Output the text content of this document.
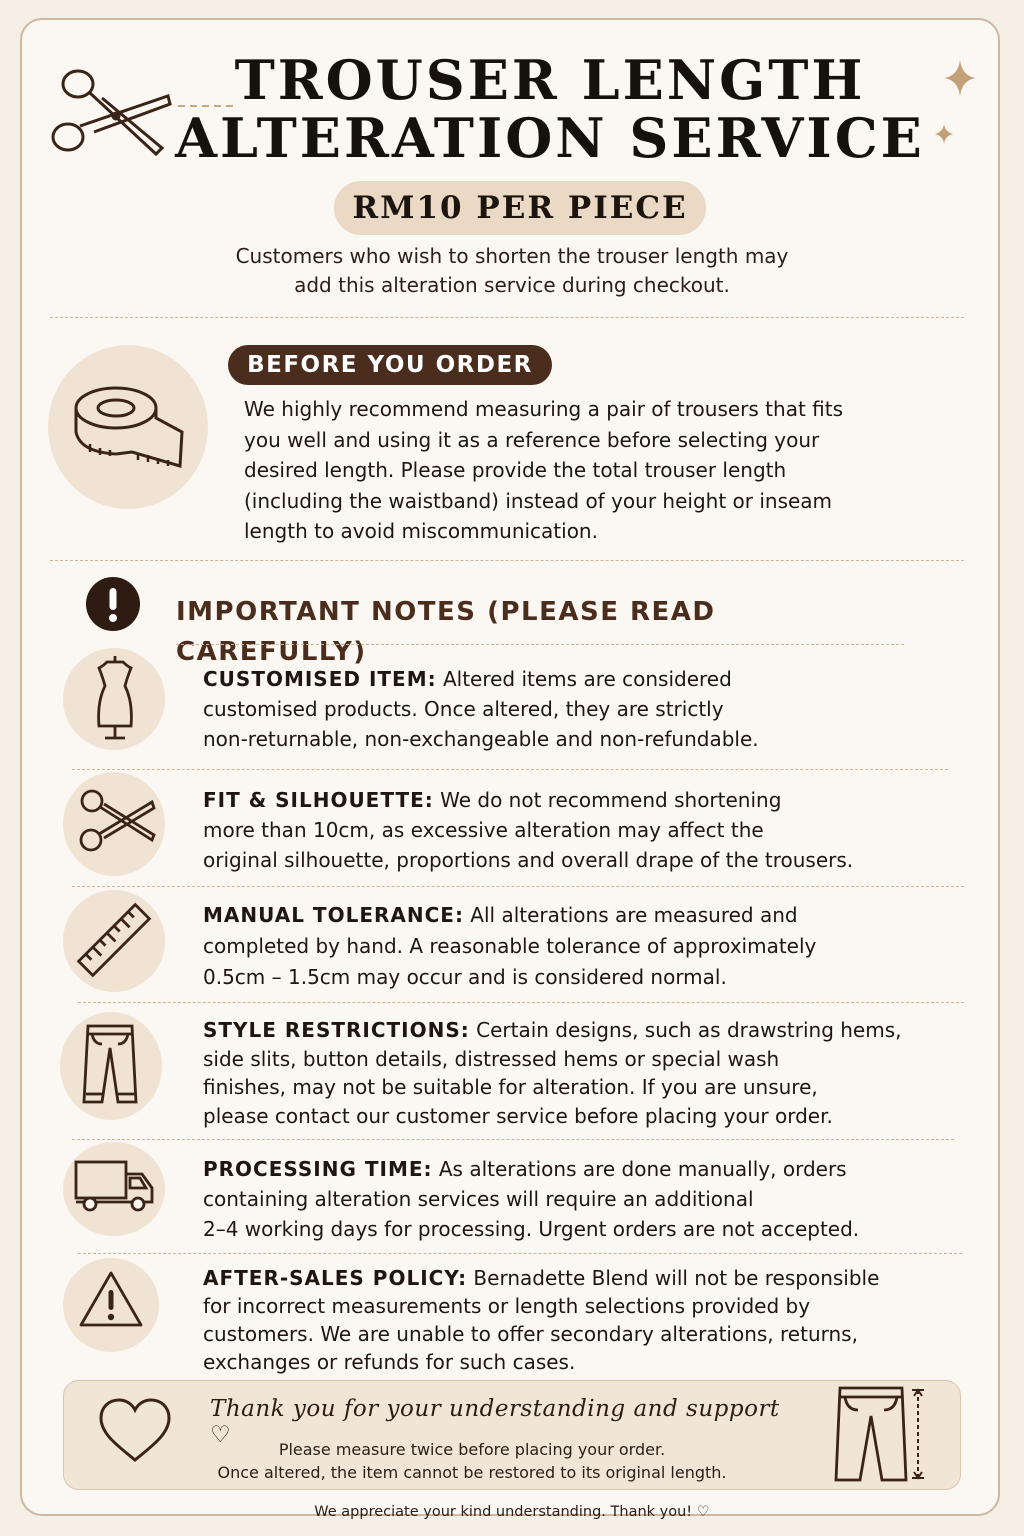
TROUSER LENGTH
ALTERATION SERVICE
RM10 PER PIECE
Customers who wish to shorten the trouser length may
add this alteration service during checkout.
BEFORE YOU ORDER
We highly recommend measuring a pair of trousers that fits
you well and using it as a reference before selecting your
desired length. Please provide the total trouser length
(including the waistband) instead of your height or inseam
length to avoid miscommunication.
IMPORTANT NOTES (PLEASE READ CAREFULLY)
CUSTOMISED ITEM: Altered items are considered
customised products. Once altered, they are strictly
non-returnable, non-exchangeable and non-refundable.
FIT & SILHOUETTE: We do not recommend shortening
more than 10cm, as excessive alteration may affect the
original silhouette, proportions and overall drape of the trousers.
MANUAL TOLERANCE: All alterations are measured and
completed by hand. A reasonable tolerance of approximately
0.5cm – 1.5cm may occur and is considered normal.
STYLE RESTRICTIONS: Certain designs, such as drawstring hems,
side slits, button details, distressed hems or special wash
finishes, may not be suitable for alteration. If you are unsure,
please contact our customer service before placing your order.
PROCESSING TIME: As alterations are done manually, orders
containing alteration services will require an additional
2–4 working days for processing. Urgent orders are not accepted.
AFTER-SALES POLICY: Bernadette Blend will not be responsible
for incorrect measurements or length selections provided by
customers. We are unable to offer secondary alterations, returns,
exchanges or refunds for such cases.
Thank you for your understanding and support ♡
Please measure twice before placing your order.
Once altered, the item cannot be restored to its original length.
We appreciate your kind understanding. Thank you! ♡
